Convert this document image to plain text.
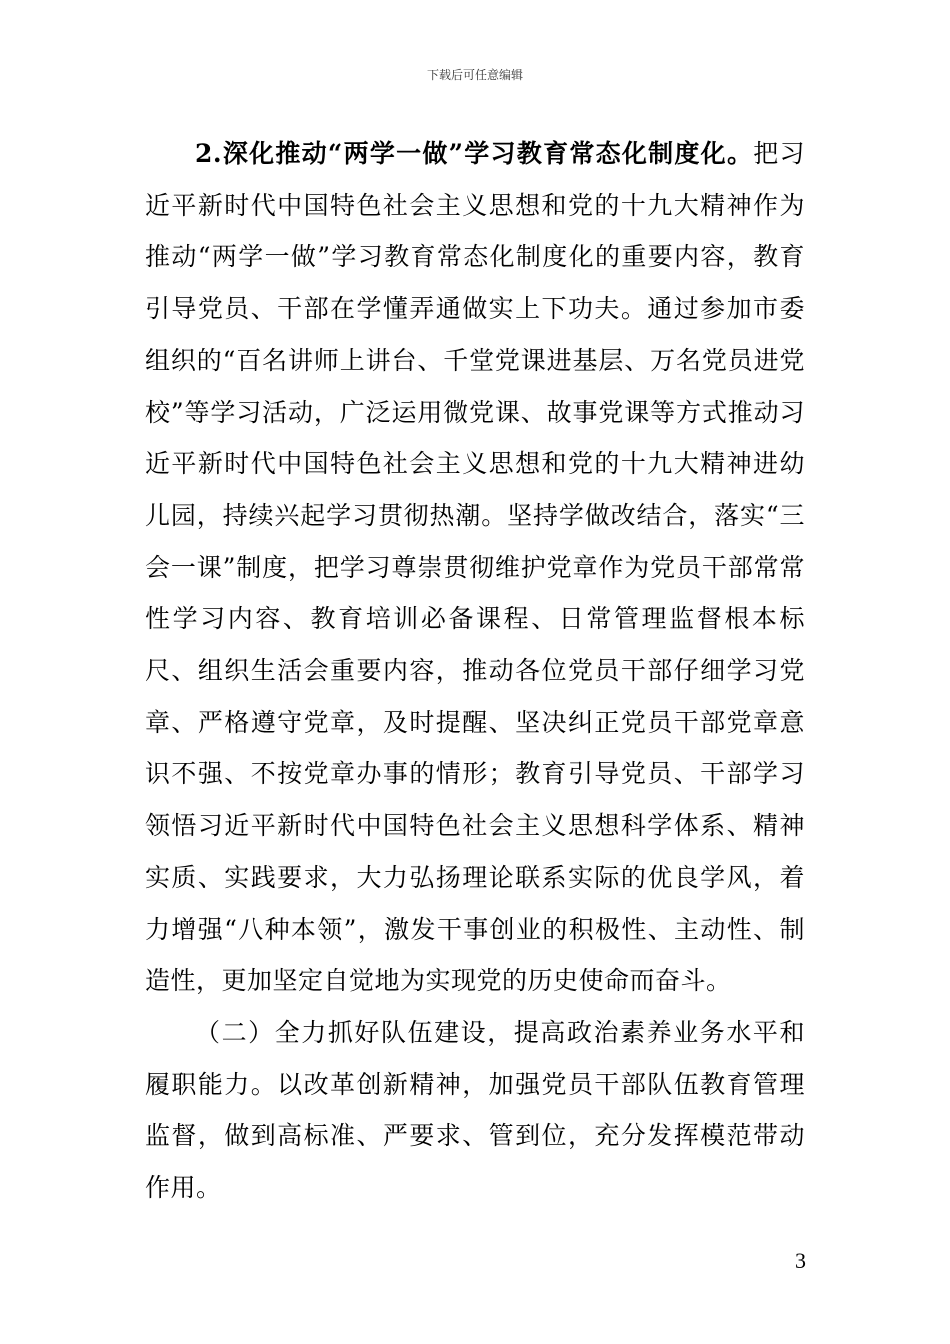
下载后可任意编辑

2.深化推动“两学一做”学习教育常态化制度化。把习近平新时代中国特色社会主义思想和党的十九大精神作为推动“两学一做”学习教育常态化制度化的重要内容，教育引导党员、干部在学懂弄通做实上下功夫。通过参加市委组织的“百名讲师上讲台、千堂党课进基层、万名党员进党校”等学习活动，广泛运用微党课、故事党课等方式推动习近平新时代中国特色社会主义思想和党的十九大精神进幼儿园，持续兴起学习贯彻热潮。坚持学做改结合，落实“三会一课”制度，把学习尊崇贯彻维护党章作为党员干部常常性学习内容、教育培训必备课程、日常管理监督根本标尺、组织生活会重要内容，推动各位党员干部仔细学习党章、严格遵守党章，及时提醒、坚决纠正党员干部党章意识不强、不按党章办事的情形；教育引导党员、干部学习领悟习近平新时代中国特色社会主义思想科学体系、精神实质、实践要求，大力弘扬理论联系实际的优良学风，着力增强“八种本领”，激发干事创业的积极性、主动性、制造性，更加坚定自觉地为实现党的历史使命而奋斗。

（二）全力抓好队伍建设，提高政治素养业务水平和履职能力。以改革创新精神，加强党员干部队伍教育管理监督，做到高标准、严要求、管到位，充分发挥模范带动作用。

3
